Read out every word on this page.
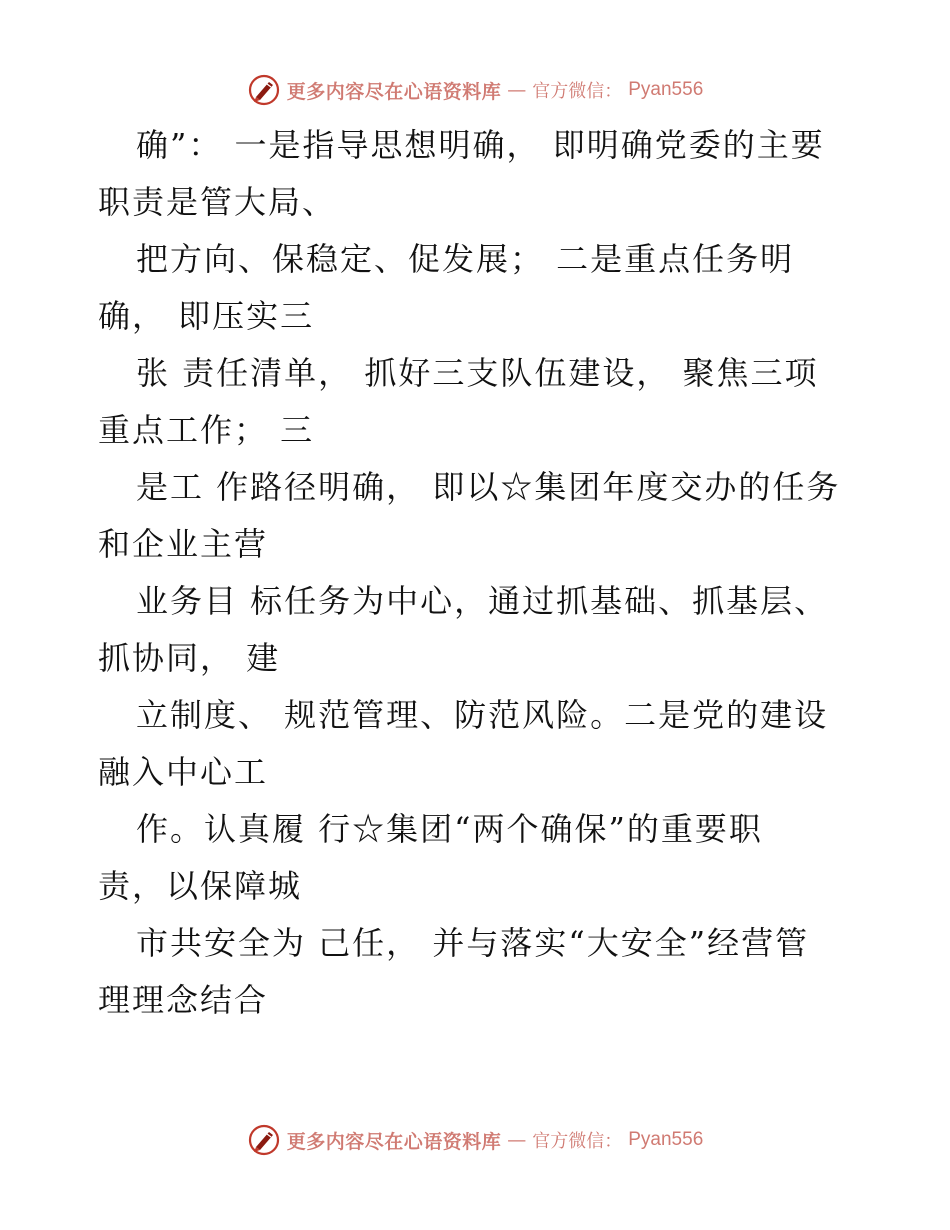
更多内容尽在心语资料库 — 官方微信： Pyan556
确”： 一是指导思想明确， 即明确党委的主要
职责是管大局、
把方向、保稳定、促发展； 二是重点任务明
确， 即压实三
张 责任清单， 抓好三支队伍建设， 聚焦三项
重点工作； 三
是工 作路径明确， 即以☆集团年度交办的任务
和企业主营
业务目 标任务为中心，通过抓基础、抓基层、
抓协同， 建
立制度、 规范管理、防范风险。二是党的建设
融入中心工
作。认真履 行☆集团“两个确保”的重要职
责，以保障城
市共安全为 己任， 并与落实“大安全”经营管
理理念结合
更多内容尽在心语资料库 — 官方微信： Pyan556
